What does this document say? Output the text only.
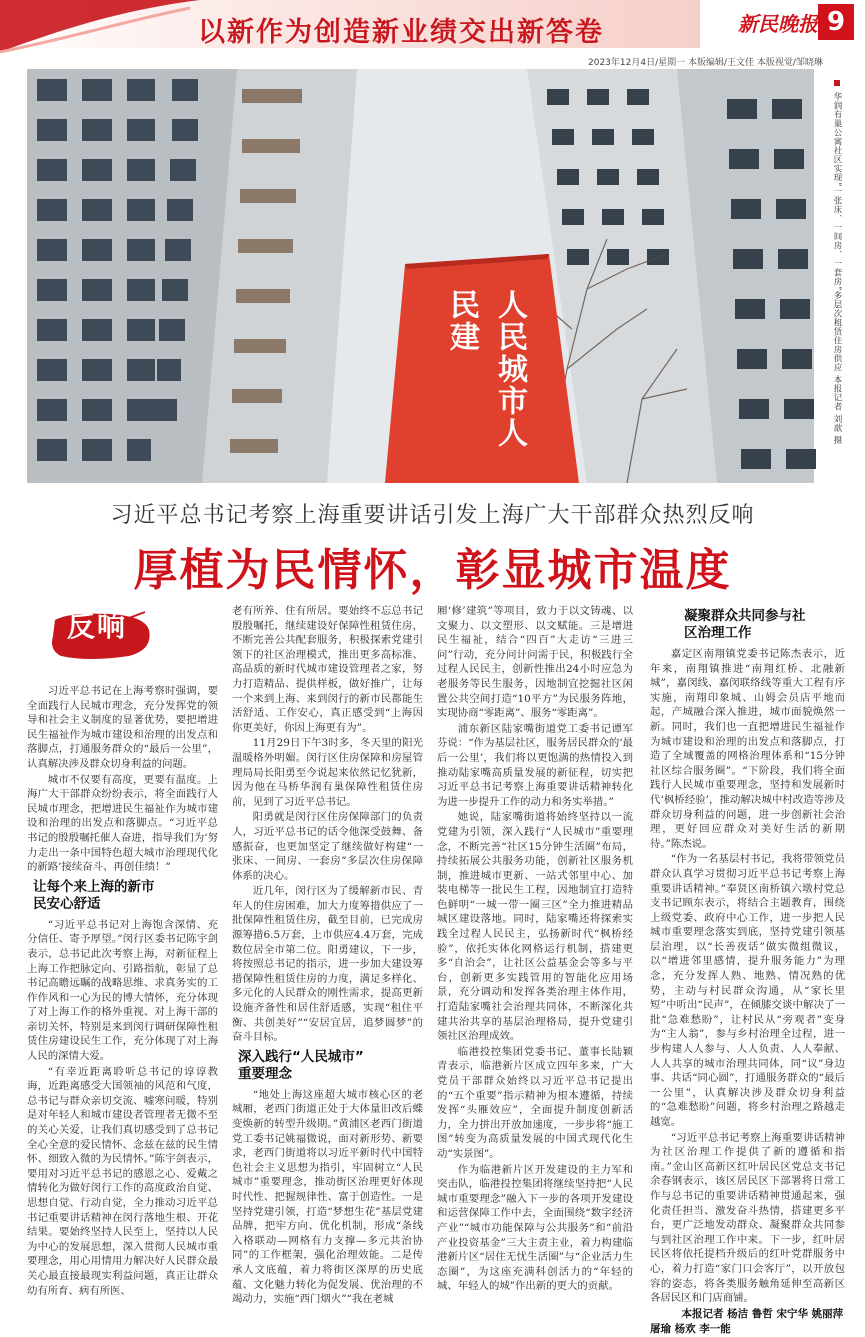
以新作为创造新业绩交出新答卷	新民晚报 9
2023年12月4日/星期一 本版编辑/王文佳 本版视觉/邹晓琳
人民城市人民建	华润有巢公寓社区实现“一张床、一间房、一套房”多层次租赁住房供应 本报记者 刘歆 摄
习近平总书记考察上海重要讲话引发上海广大干部群众热烈反响
厚植为民情怀，彰显城市温度
反响

习近平总书记在上海考察时强调，要全面践行人民城市理念，充分发挥党的领导和社会主义制度的显著优势，要把增进民生福祉作为城市建设和治理的出发点和落脚点，打通服务群众的“最后一公里”，认真解决涉及群众切身利益的问题。

城市不仅要有高度，更要有温度。上海广大干部群众纷纷表示，将全面践行人民城市理念，把增进民生福祉作为城市建设和治理的出发点和落脚点。“习近平总书记的殷殷嘱托催人奋进，指导我们为‘努力走出一条中国特色超大城市治理现代化的新路’接续奋斗、再创佳绩！”

让每个来上海的新市
民安心舒适

“习近平总书记对上海饱含深情、充分信任、寄予厚望。”闵行区委书记陈宇剑表示，总书记此次考察上海，对新征程上上海工作把脉定向、引路指航，彰显了总书记高瞻远瞩的战略思维、求真务实的工作作风和一心为民的博大情怀，充分体现了对上海工作的格外重视、对上海干部的亲切关怀，特别是来到闵行调研保障性租赁住房建设民生工作，充分体现了对上海人民的深情大爱。

“有幸近距离聆听总书记的谆谆教诲，近距离感受大国领袖的风范和气度，总书记与群众亲切交流、嘘寒问暖，特别是对年轻人和城市建设者管理者无微不至的关心关爱，让我们真切感受到了总书记全心全意的爱民情怀、念兹在兹的民生情怀、细致入微的为民情怀。”陈宇剑表示，要用对习近平总书记的感恩之心、爱戴之情转化为做好闵行工作的高度政治自觉、思想自觉、行动自觉，全力推动习近平总书记重要讲话精神在闵行落地生根、开花结果。要始终坚持人民至上，坚持以人民为中心的发展思想，深入贯彻人民城市重要理念，用心用情用力解决好人民群众最关心最直接最现实利益问题，真正让群众幼有所育、病有所医、

老有所养、住有所居。要始终不忘总书记殷殷嘱托，继续建设好保障性租赁住房，不断完善公共配套服务，积极探索党建引领下的社区治理模式，推出更多高标准、高品质的新时代城市建设管理者之家，努力打造精品、提供样板，做好推广，让每一个来到上海、来到闵行的新市民都能生活舒适、工作安心，真正感受到“上海因你更美好，你因上海更有为”。

11月29日下午3时多，冬天里的阳光温暖格外明媚。闵行区住房保障和房屋管理局局长阳勇至今说起来依然记忆犹新，因为他在马桥华润有巢保障性租赁住房前，见到了习近平总书记。

阳勇就是闵行区住房保障部门的负责人，习近平总书记的话令他深受鼓舞、备感振奋，也更加坚定了继续做好构建“一张床、一间房、一套房”多层次住房保障体系的决心。

近几年，闵行区为了缓解新市民、青年人的住房困难，加大力度筹措供应了一批保障性租赁住房，截至目前，已完成房源筹措6.5万套，上市供应4.4万套，完成数位居全市第二位。阳勇建议，下一步，将按照总书记的指示，进一步加大建设筹措保障性租赁住房的力度，满足多样化、多元化的人民群众的刚性需求，提高更新设施齐备性和居住舒适感，实现“租住平衡、共创美好”“安居宜居，追梦圆梦”的奋斗目标。

深入践行“人民城市”
重要理念

“地处上海这座超大城市核心区的老城厢，老西门街道正处于大体量旧改后蝶变焕新的转型升级期。”黄浦区老西门街道党工委书记姚福微说，面对新形势、新要求，老西门街道将以习近平新时代中国特色社会主义思想为指引，牢固树立“人民城市”重要理念，推动街区治理更好体现时代性、把握规律性、富于创造性。一是坚持党建引领，打造“梦想生花”基层党建品牌，把牢方向、优化机制，形成“条线入格联动—网格有力支撑—多元共治协同”的工作框架，强化治理效能。二是传承人文底蕴，着力将街区深厚的历史底蕴、文化魅力转化为促发展、优治理的不竭动力，实施“西门烟火”“我在老城

厢‘修’建筑”等项目，致力于以文铸魂、以文聚力、以文塑形、以文赋能。三是增进民生福祉，结合“四百”大走访“三进三问”行动，充分问计问需于民，积极践行全过程人民民主，创新性推出24小时应急为老服务等民生服务，因地制宜挖掘社区闲置公共空间打造“10平方”为民服务阵地，实现协商“零距离”、服务“零距离”。

浦东新区陆家嘴街道党工委书记谭军芬说：“作为基层社区，服务居民群众的‘最后一公里’，我们将以更饱满的热情投入到推动陆家嘴高质量发展的新征程，切实把习近平总书记考察上海重要讲话精神转化为进一步提升工作的动力和务实举措。”

她说，陆家嘴街道将始终坚持以一流党建为引领，深入践行“人民城市”重要理念，不断完善“社区15分钟生活圈”布局，持续拓展公共服务功能，创新社区服务机制，推进城市更新、一站式邻里中心、加装电梯等一批民生工程，因地制宜打造特色鲜明“一城一带一圈三区”全力推进精品城区建设落地。同时，陆家嘴还将探索实践全过程人民民主，弘扬新时代“枫桥经验”，依托实体化网格运行机制，搭建更多“自治会”，让社区公益基金会等多与平台，创新更多实践管用的智能化应用场景，充分调动和发挥各类治理主体作用，打造陆家嘴社会治理共同体，不断深化共建共治共享的基层治理格局，提升党建引领社区治理成效。

临港投控集团党委书记、董事长陆颖青表示，临港新片区成立四年多来，广大党员干部群众始终以习近平总书记提出的“五个重要”指示精神为根本遵循，持续发挥“头雁效应”，全面提升制度创新活力，全力拼出开放加速度，一步步将“施工图”转变为高质量发展的中国式现代化生动“实景图”。

作为临港新片区开发建设的主力军和突击队，临港投控集团将继续坚持把“人民城市重要理念”融入下一步的各项开发建设和运营保障工作中去，全面围绕“数字经济产业”“城市功能保障与公共服务”和“前沿产业投资基金”三大主责主业，着力构建临港新片区“居住无忧生活圈”与“企业活力生态圈”，为这座充满科创活力的“年轻的城、年轻人的城”作出新的更大的贡献。

凝聚群众共同参与社
区治理工作

嘉定区南翔镇党委书记陈杰表示，近年来，南翔镇推进“南翔红桥、北融新城”，嘉闵线、嘉闵联络线等重大工程有序实施，南翔印象城、山姆会员店平地而起，产城融合深入推进，城市面貌焕然一新。同时，我们也一直把增进民生福祉作为城市建设和治理的出发点和落脚点，打造了全域覆盖的网格治理体系和“15分钟社区综合服务圈”。“下阶段，我们将全面践行人民城市重要理念，坚持和发展新时代‘枫桥经验’，推动解决城中村改造等涉及群众切身利益的问题，进一步创新社会治理，更好回应群众对美好生活的新期待。”陈杰说。

“作为一名基层村书记，我将带领党员群众认真学习贯彻习近平总书记考察上海重要讲话精神。”奉贤区南桥镇六墩村党总支书记顾东表示，将结合主题教育，围绕上级党委、政府中心工作，进一步把人民城市重要理念落实到底，坚持党建引领基层治理，以“长善夜话”做实微组微议，以“增进邻里感情，提升服务能力”为理念，充分发挥人熟、地熟、情况熟的优势，主动与村民群众沟通，从“家长里短”中听出“民声”，在倾膝交谈中解决了一批“急难愁盼”，让村民从“旁观者”变身为“主人翁”，参与乡村治理全过程，进一步构建人人参与、人人负责、人人奉献、人人共享的城市治理共同体，同“议”身边事、共话“同心圆”，打通服务群众的“最后一公里”，认真解决涉及群众切身利益的“急难愁盼”问题，将乡村治理之路越走越宽。

“习近平总书记考察上海重要讲话精神为社区治理工作提供了新的遵循和指南。”金山区高新区红叶居民区党总支书记余春钢表示，该区居民区下部署将日常工作与总书记的重要讲话精神贯通起来，强化责任担当、激发奋斗热情，搭建更多平台，更广泛地发动群众、凝聚群众共同参与到社区治理工作中来。下一步，红叶居民区将依托提档升级后的红叶党群服务中心，着力打造“家门口会客厅”，以开放包容的姿态，将各类服务触角延伸至高新区各居民区和门店商铺。

本报记者 杨洁 鲁哲 宋宁华 姚丽萍
屠瑜 杨欢 李一能
